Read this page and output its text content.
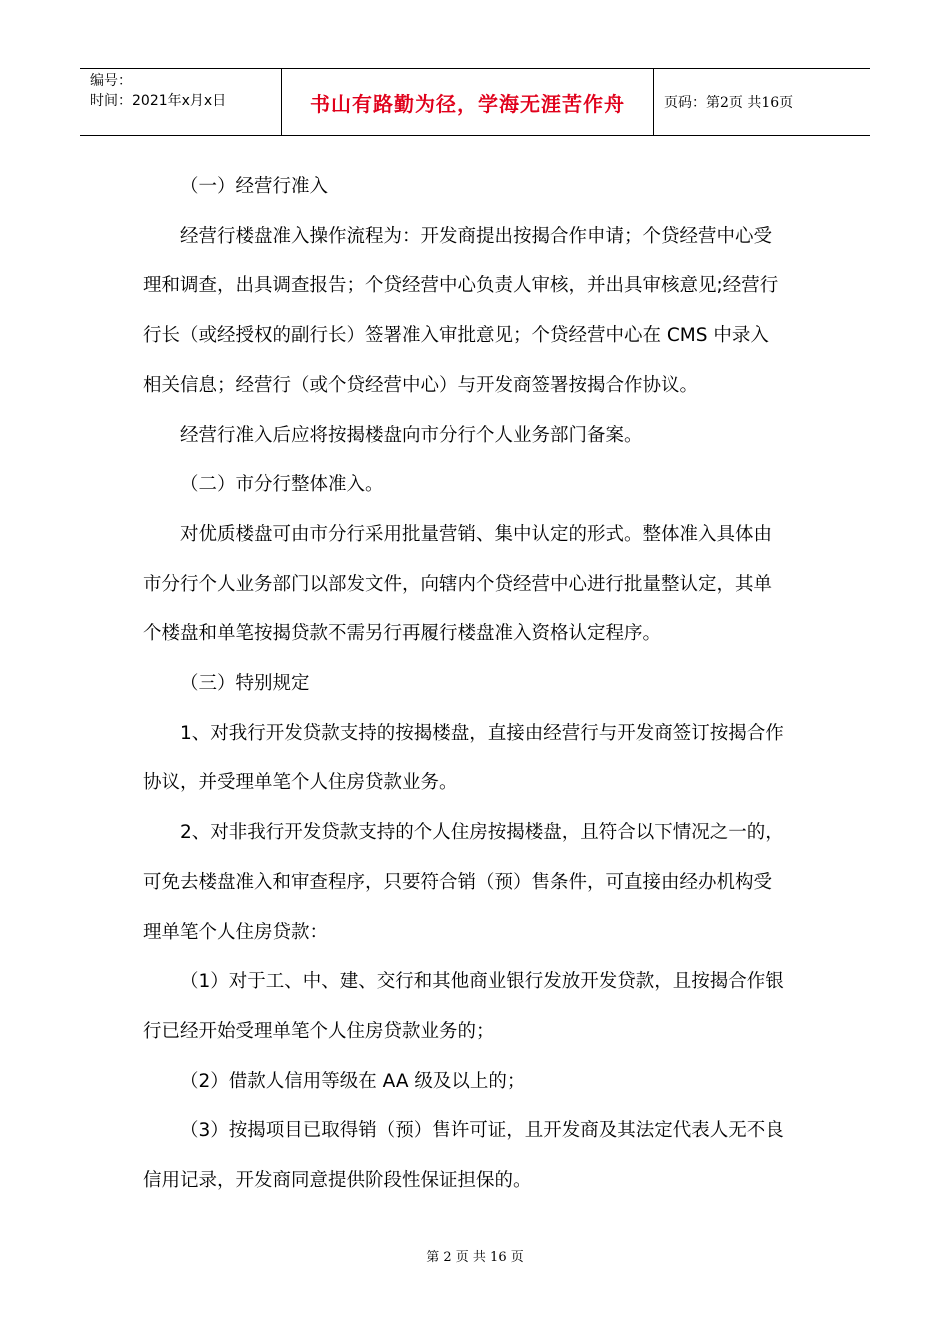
编号：
时间：2021年x月x日	书山有路勤为径，学海无涯苦作舟	页码：第2页 共16页

（一）经营行准入

经营行楼盘准入操作流程为：开发商提出按揭合作申请；个贷经营中心受

理和调查，出具调查报告；个贷经营中心负责人审核，并出具审核意见;经营行

行长（或经授权的副行长）签署准入审批意见；个贷经营中心在 CMS 中录入

相关信息；经营行（或个贷经营中心）与开发商签署按揭合作协议。

经营行准入后应将按揭楼盘向市分行个人业务部门备案。

（二）市分行整体准入。

对优质楼盘可由市分行采用批量营销、集中认定的形式。整体准入具体由

市分行个人业务部门以部发文件，向辖内个贷经营中心进行批量整认定，其单

个楼盘和单笔按揭贷款不需另行再履行楼盘准入资格认定程序。

（三）特别规定

1、对我行开发贷款支持的按揭楼盘，直接由经营行与开发商签订按揭合作

协议，并受理单笔个人住房贷款业务。

2、对非我行开发贷款支持的个人住房按揭楼盘，且符合以下情况之一的，

可免去楼盘准入和审查程序，只要符合销（预）售条件，可直接由经办机构受

理单笔个人住房贷款：

（1）对于工、中、建、交行和其他商业银行发放开发贷款，且按揭合作银

行已经开始受理单笔个人住房贷款业务的；

（2）借款人信用等级在 AA 级及以上的；

（3）按揭项目已取得销（预）售许可证，且开发商及其法定代表人无不良

信用记录，开发商同意提供阶段性保证担保的。

第 2 页 共 16 页
